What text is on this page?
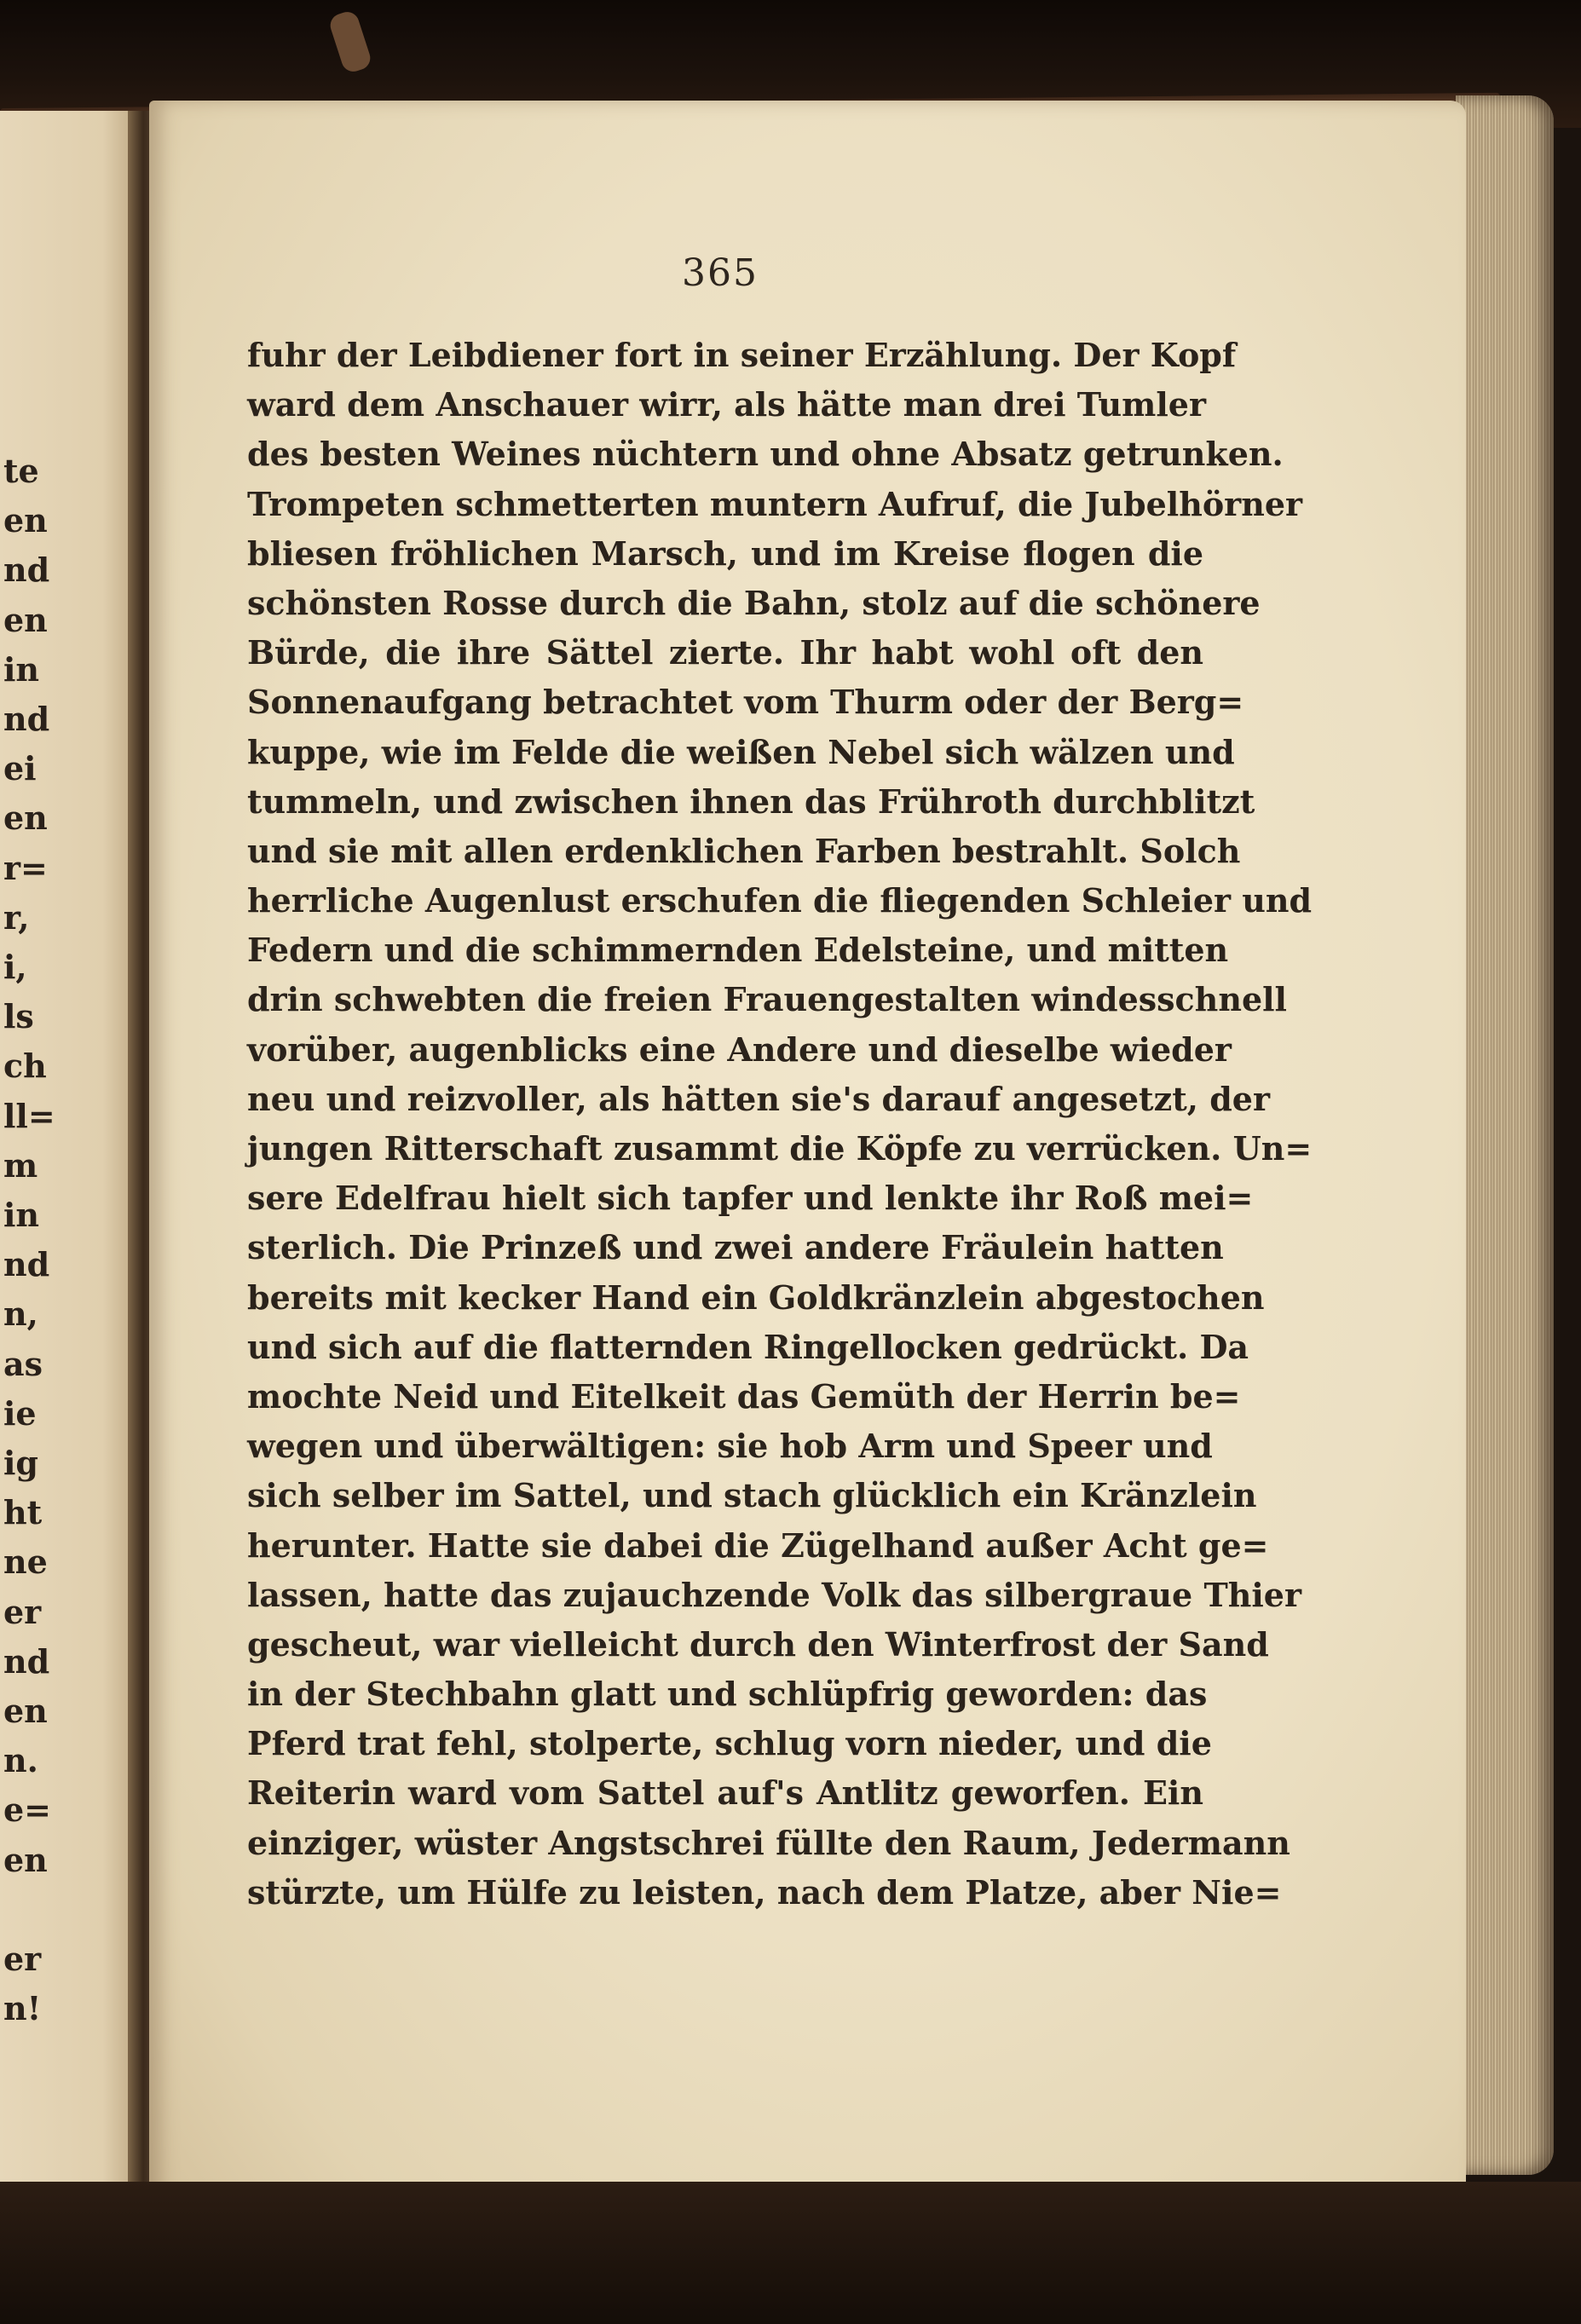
te
en
nd
en
in
nd
ei
en
r=
r,
i,
ls
ch
ll=
m
in
nd
n,
as
ie
ig
ht
ne
er
nd
en
n.
e=
en
er
n!
365
fuhr der Leibdiener fort in seiner Erzählung. Der Kopf
ward dem Anschauer wirr, als hätte man drei Tumler
des besten Weines nüchtern und ohne Absatz getrunken.
Trompeten schmetterten muntern Aufruf, die Jubelhörner
bliesen fröhlichen Marsch, und im Kreise flogen die
schönsten Rosse durch die Bahn, stolz auf die schönere
Bürde, die ihre Sättel zierte. Ihr habt wohl oft den
Sonnenaufgang betrachtet vom Thurm oder der Berg=
kuppe, wie im Felde die weißen Nebel sich wälzen und
tummeln, und zwischen ihnen das Frühroth durchblitzt
und sie mit allen erdenklichen Farben bestrahlt. Solch
herrliche Augenlust erschufen die fliegenden Schleier und
Federn und die schimmernden Edelsteine, und mitten
drin schwebten die freien Frauengestalten windesschnell
vorüber, augenblicks eine Andere und dieselbe wieder
neu und reizvoller, als hätten sie's darauf angesetzt, der
jungen Ritterschaft zusammt die Köpfe zu verrücken. Un=
sere Edelfrau hielt sich tapfer und lenkte ihr Roß mei=
sterlich. Die Prinzeß und zwei andere Fräulein hatten
bereits mit kecker Hand ein Goldkränzlein abgestochen
und sich auf die flatternden Ringellocken gedrückt. Da
mochte Neid und Eitelkeit das Gemüth der Herrin be=
wegen und überwältigen: sie hob Arm und Speer und
sich selber im Sattel, und stach glücklich ein Kränzlein
herunter. Hatte sie dabei die Zügelhand außer Acht ge=
lassen, hatte das zujauchzende Volk das silbergraue Thier
gescheut, war vielleicht durch den Winterfrost der Sand
in der Stechbahn glatt und schlüpfrig geworden: das
Pferd trat fehl, stolperte, schlug vorn nieder, und die
Reiterin ward vom Sattel auf's Antlitz geworfen. Ein
einziger, wüster Angstschrei füllte den Raum, Jedermann
stürzte, um Hülfe zu leisten, nach dem Platze, aber Nie=
